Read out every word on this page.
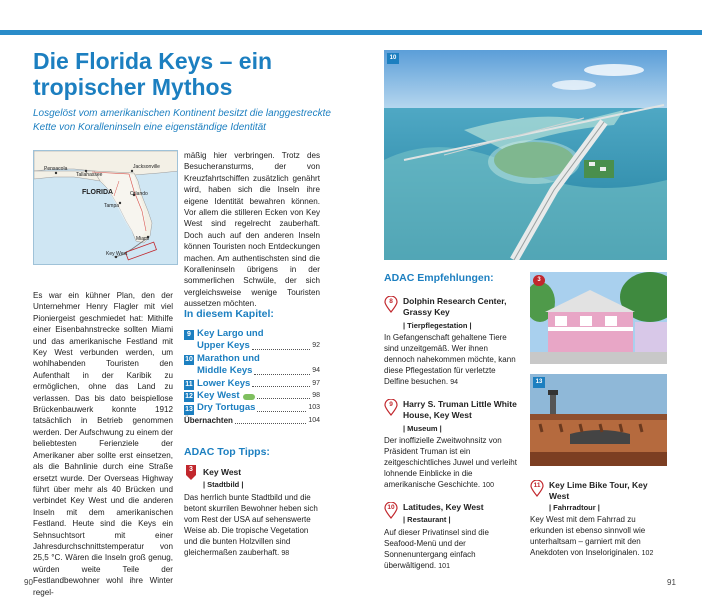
Die Florida Keys – ein tropischer Mythos

Losgelöst vom amerikanischen Kontinent besitzt die langgestreckte Kette von Koralleninseln eine eigenständige Identität

Pensacola
Tallahassee
Jacksonville
FLORIDA	Orlando
Tampa
Miami
Key West

Es war ein kühner Plan, den der Unternehmer Henry Flagler mit viel Pioniergeist geschmiedet hat: Mithilfe einer Eisenbahnstrecke sollten Miami und das amerikanische Festland mit Key West verbunden werden, um wohlhabenden Touristen den Aufenthalt in der Karibik zu ermöglichen, ohne das Land zu verlassen. Das bis dato beispiellose Brückenbauwerk konnte 1912 tatsächlich in Betrieb genommen werden. Der Aufschwung zu einem der beliebtesten Ferienziele der Amerikaner aber sollte erst einsetzen, als die Bahnlinie durch eine Straße ersetzt wurde. Der Overseas Highway führt über mehr als 40 Brücken und verbindet Key West und die anderen Inseln mit dem amerikanischen Festland. Heute sind die Keys ein Sehnsuchtsort mit einer Jahresdurchschnittstemperatur von 25,5 °C. Wären die Inseln groß genug, würden weite Teile der Festlandbewohner wohl ihre Winter regel-

mäßig hier verbringen. Trotz des Besucheransturms, der von Kreuzfahrtschiffen zusätzlich genährt wird, haben sich die Inseln ihre eigene Identität bewahren können. Vor allem die stilleren Ecken von Key West sind regelrecht zauberhaft. Doch auch auf den anderen Inseln können Touristen noch Entdeckungen machen. Am authentischsten sind die Koralleninseln übrigens in der sommerlichen Schwüle, der sich vergleichsweise wenige Touristen aussetzen möchten.

In diesem Kapitel:
9 Key Largo und
Upper Keys	92
10 Marathon und
Middle Keys	94
11 Lower Keys	97
12 Key West	98
13 Dry Tortugas	103
Übernachten	104
ADAC Top Tipps:
3	Key West
| Stadtbild |

Das herrlich bunte Stadtbild und die betont skurrilen Bewohner heben sich vom Rest der USA auf sehenswerte Weise ab. Die tropische Vegetation und die bunten Holzvillen sind gleichermaßen zauberhaft. 98

10
ADAC Empfehlungen:
8	Dolphin Research Center, Grassy Key
| Tierpflegestation |

In Gefangenschaft gehaltene Tiere sind unzeitgemäß. Wer ihnen dennoch nahekommen möchte, kann diese Pflegestation für verletzte Delfine besuchen. 94

9	Harry S. Truman Little White House, Key West
| Museum |

Der inoffizielle Zweitwohnsitz von Präsident Truman ist ein zeitgeschichtliches Juwel und verleiht lohnende Einblicke in die amerikanische Geschichte. 100

10 Latitudes, Key West
| Restaurant |

Auf dieser Privatinsel sind die Seafood-Menü und der Sonnenuntergang einfach überwältigend. 101

3
13
11	Key Lime Bike Tour, Key West
| Fahrradtour |

Key West mit dem Fahrrad zu erkunden ist ebenso sinnvoll wie unterhaltsam – garniert mit den Anekdoten von Inseloriginalen. 102

90	91
